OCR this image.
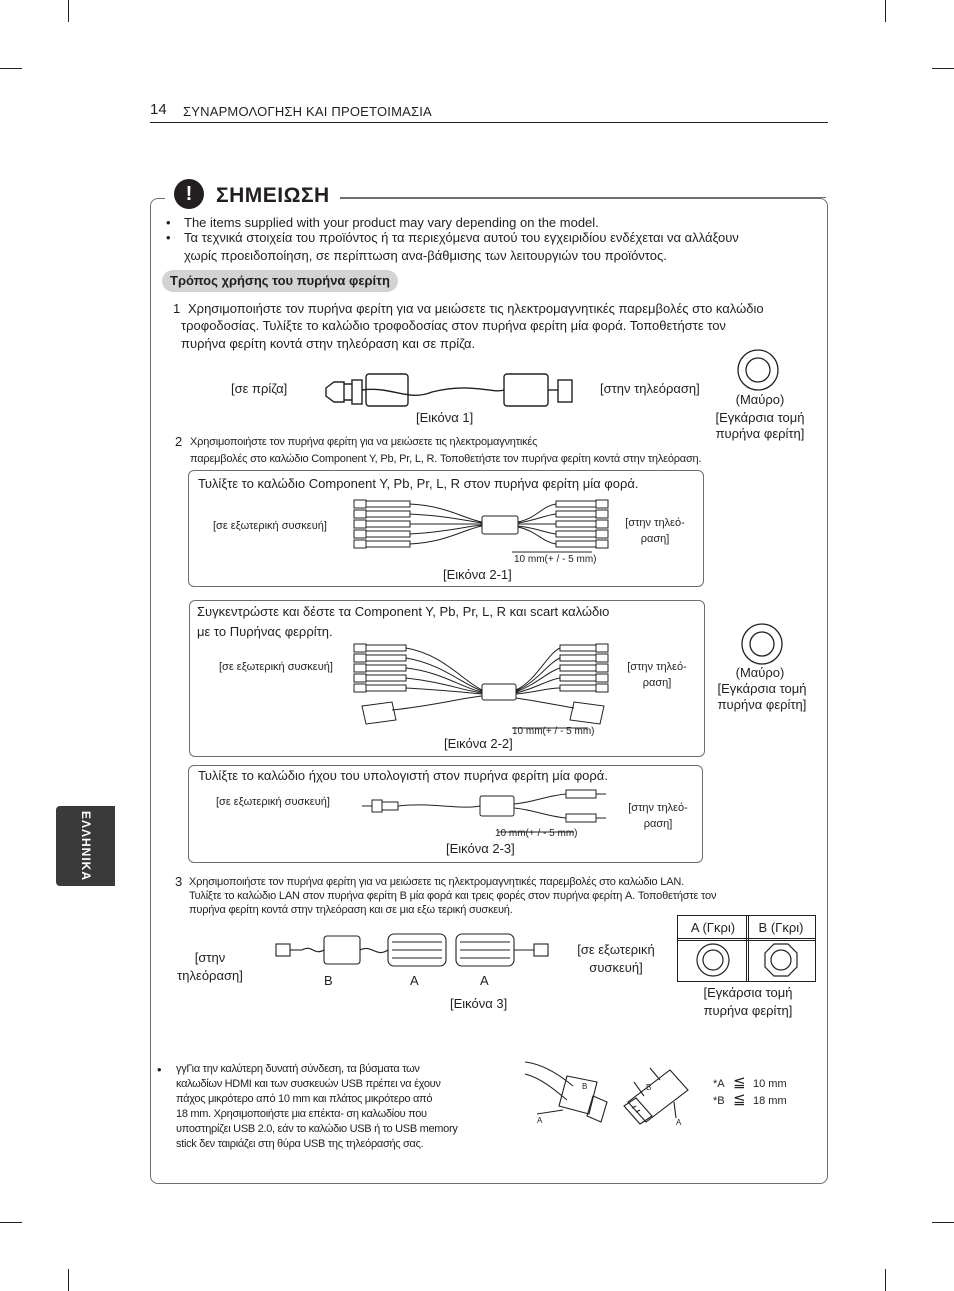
14 ΣΥΝΑΡΜΟΛΟΓΗΣΗ ΚΑΙ ΠΡΟΕΤΟΙΜΑΣΙΑ
ΕΛΛΗΝΙΚΑ
!	ΣΗΜΕΙΩΣΗ
• The items supplied with your product may vary depending on the model.
• Τα τεχνικά στοιχεία του προϊόντος ή τα περιεχόμενα αυτού του εγχειριδίου ενδέχεται να αλλάξουν
χωρίς προειδοποίηση, σε περίπτωση ανα-βάθμισης των λειτουργιών του προϊόντος.
Τρόπος χρήσης του πυρήνα φερίτη
1 Χρησιμοποιήστε τον πυρήνα φερίτη για να μειώσετε τις ηλεκτρομαγνητικές παρεμβολές στο καλώδιο
τροφοδοσίας. Τυλίξτε το καλώδιο τροφοδοσίας στον πυρήνα φερίτη μία φορά. Τοποθετήστε τον
πυρήνα φερίτη κοντά στην τηλεόραση και σε πρίζα.
[σε πρίζα]	[στην τηλεόραση]
[Εικόνα 1]
(Μαύρο)
[Εγκάρσια τομή
πυρήνα φερίτη]
2 Χρησιμοποιήστε τον πυρήνα φερίτη για να μειώσετε τις ηλεκτρομαγνητικές
παρεμβολές στο καλώδιο Component Y, Pb, Pr, L, R. Τοποθετήστε τον πυρήνα φερίτη κοντά στην τηλεόραση.
Τυλίξτε το καλώδιο Component Y, Pb, Pr, L, R στον πυρήνα φερίτη μία φορά.
[σε εξωτερική συσκευή]	[στην τηλεό-
ραση]
10 mm(+ / - 5 mm)
[Εικόνα 2-1]
Συγκεντρώστε και δέστε τα Component Y, Pb, Pr, L, R και scart καλώδιο
με το Πυρήνας φερρίτη.
[σε εξωτερική συσκευή]	[στην τηλεό-
ραση]
10 mm(+ / - 5 mm)
[Εικόνα 2-2]
(Μαύρο)
[Εγκάρσια τομή
πυρήνα φερίτη]
Τυλίξτε το καλώδιο ήχου του υπολογιστή στον πυρήνα φερίτη μία φορά.
[σε εξωτερική συσκευή]	[στην τηλεό-
ραση]
10 mm(+ / - 5 mm)
[Εικόνα 2-3]
3 Χρησιμοποιήστε τον πυρήνα φερίτη για να μειώσετε τις ηλεκτρομαγνητικές παρεμβολές στο καλώδιο LAN.
Τυλίξτε το καλώδιο LAN στον πυρήνα φερίτη B μία φορά και τρεις φορές στον πυρήνα φερίτη A. Τοποθετήστε τον
πυρήνα φερίτη κοντά στην τηλεόραση και σε μια εξω τερική συσκευή.
[στην
τηλεόραση]	B	A	A
[σε εξωτερική
συσκευή]
[Εικόνα 3]
A (Γκρι)	B (Γκρι)
[Εγκάρσια τομή
πυρήνα φερίτη]
• γγΓια την καλύτερη δυνατή σύνδεση, τα βύσματα των
καλωδίων HDMI και των συσκευών USB πρέπει να έχουν
πάχος μικρότερο από 10 mm και πλάτος μικρότερο από
18 mm. Χρησιμοποιήστε μια επέκτα- ση καλωδίου που
υποστηρίζει USB 2.0, εάν το καλώδιο USB ή το USB memory
stick δεν ταιριάζει στη θύρα USB της τηλεόρασής σας.
A
B	B
A
*A ≦ 10 mm
*B ≦ 18 mm
